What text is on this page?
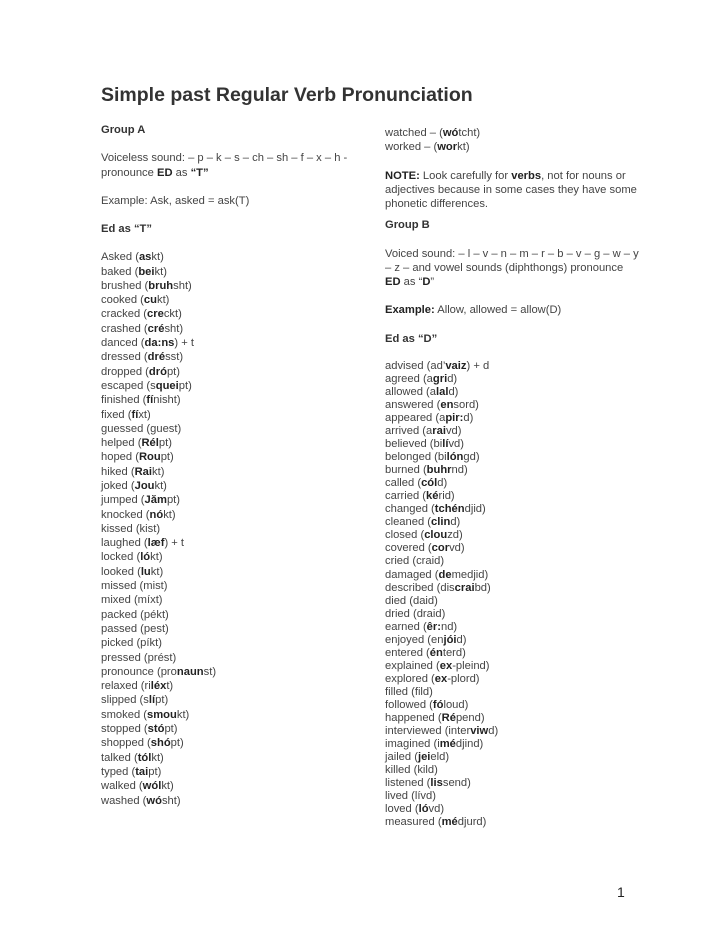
Simple past Regular Verb Pronunciation
Group A
Voiceless sound: – p – k – s – ch – sh – f – x – h - pronounce ED as “T”
Example: Ask, asked = ask(T)
Ed as “T”
Asked (askt)
baked (beikt)
brushed (bruhsht)
cooked (cukt)
cracked (creckt)
crashed (crésht)
danced (da:ns) + t
dressed (drésst)
dropped (drópt)
escaped (squeipt)
finished (fínisht)
fixed (fíxt)
guessed (guest)
helped (Rélpt)
hoped (Roupt)
hiked (Raikt)
joked (Joukt)
jumped (Jămpt)
knocked (nókt)
kissed (kist)
laughed (læf) + t
locked (lókt)
looked (lukt)
missed (mist)
mixed (míxt)
packed (pékt)
passed (pest)
picked (píkt)
pressed (prést)
pronounce (pronaunst)
relaxed (riléxt)
slipped (slípt)
smoked (smoukt)
stopped (stópt)
shopped (shópt)
talked (tólkt)
typed (taipt)
walked (wólkt)
washed (wósht)
watched – (wótcht)
worked – (workt)
NOTE: Look carefully for verbs, not for nouns or adjectives because in some cases they have some phonetic differences.
Group B
Voiced sound: – l – v – n – m – r – b – v – g – w – y – z – and vowel sounds (diphthongs) pronounce ED as “D”
Example: Allow, allowed = allow(D)
Ed as “D”
advised (ad’vaiz) + d
agreed (agrid)
allowed (alald)
answered (ensord)
appeared (apir:d)
arrived (araivd)
believed (bilívd)
belonged (bilóngd)
burned (buhrnd)
called (cóld)
carried (kérid)
changed (tchéndjid)
cleaned (clind)
closed (clouzd)
covered (corvd)
cried (craid)
damaged (demedjid)
described (discraibd)
died (daid)
dried (draid)
earned (êr:nd)
enjoyed (enjóid)
entered (énterd)
explained (ex-pleind)
explored (ex-plord)
filled (fild)
followed (fóloud)
happened (Répend)
interviewed (interviwd)
imagined (imédjind)
jailed (jeield)
killed (kild)
listened (lissend)
lived (lívd)
loved (lóvd)
measured (médjurd)
1
